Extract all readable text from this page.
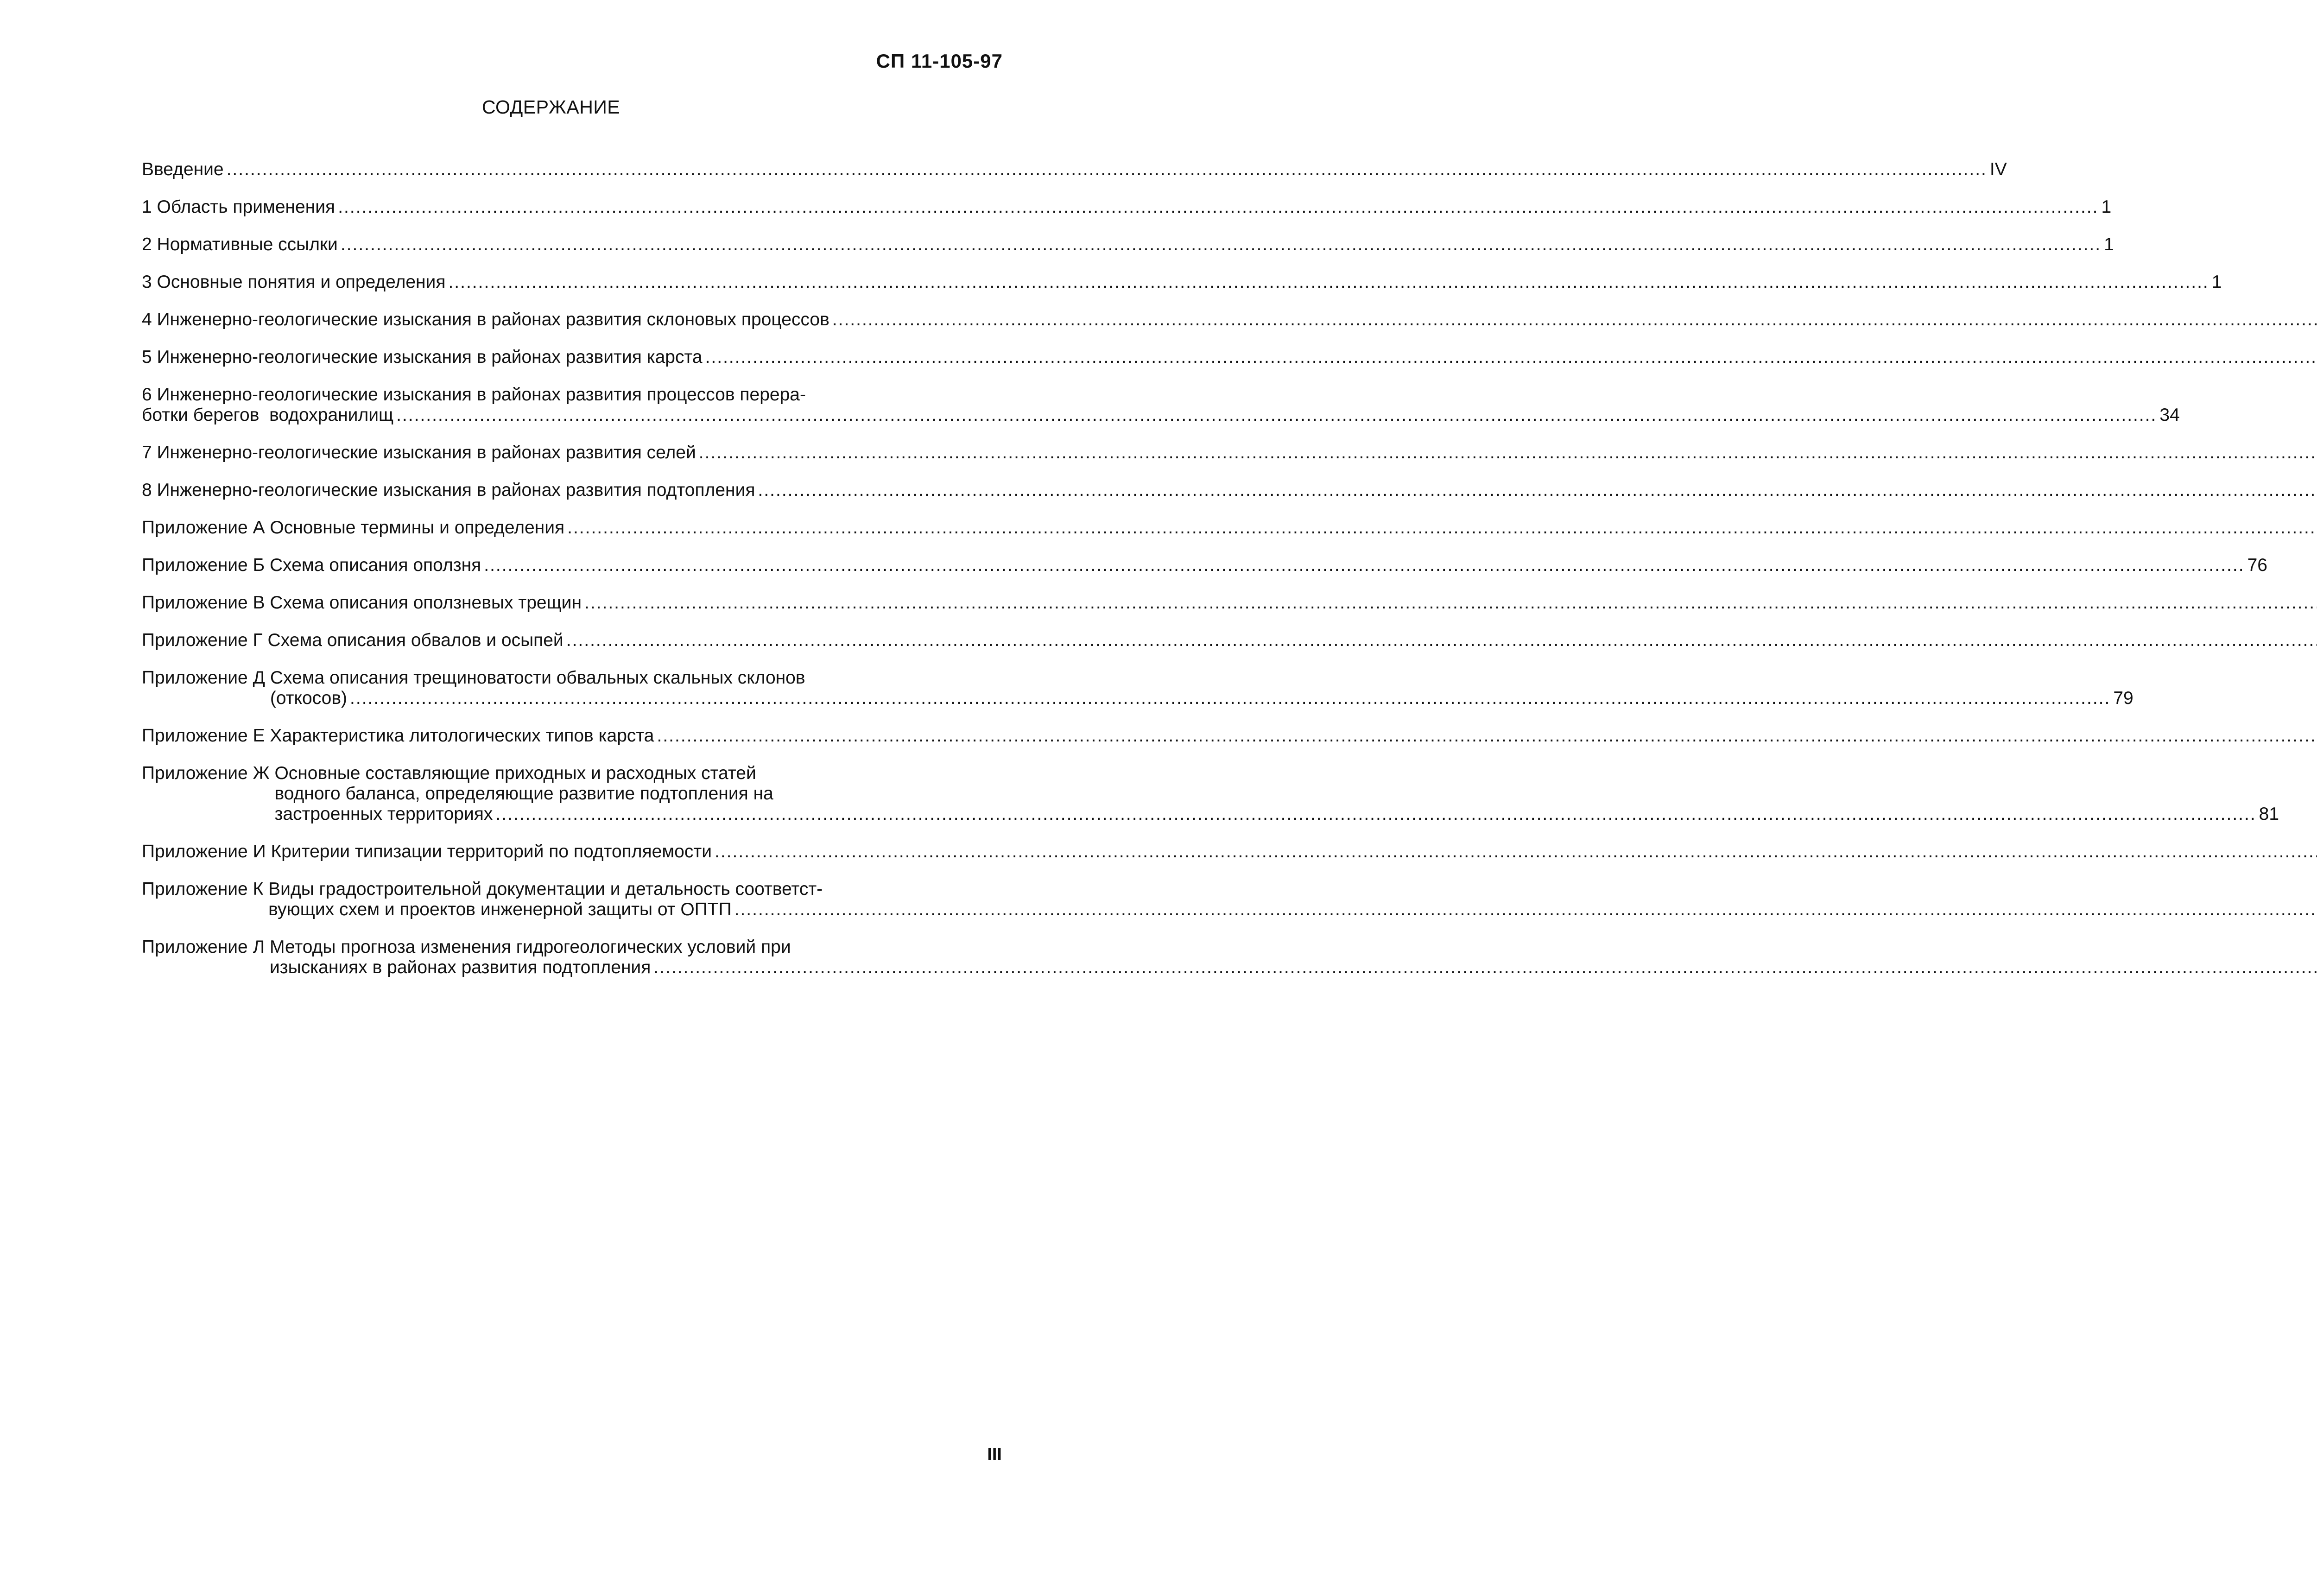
СП 11-105-97
СОДЕРЖАНИЕ
Введение .....	IV
1 Область применения .....	1
2 Нормативные ссылки .....	1
3 Основные понятия и определения .....	1
4 Инженерно-геологические изыскания в районах развития склоновых процессов
.....
5 Инженерно-геологические изыскания в районах развития карста
.....
6 Инженерно-геологические изыскания в районах развития процессов перера-
ботки берегов  водохранилищ .....	34
7 Инженерно-геологические изыскания в районах развития селей
.....
8 Инженерно-геологические изыскания в районах развития подтопления
.....
Приложение А Основные термины и определения
.....
Приложение Б Схема описания оползня .....	76
Приложение В Схема описания оползневых трещин
.....
Приложение Г Схема описания обвалов и осыпей
.....
Приложение Д Схема описания трещиноватости обвальных скальных склонов
(откосов) .....	79
Приложение Е Характеристика литологических типов карста
.....
Приложение Ж Основные составляющие приходных и расходных статей
водного баланса, определяющие развитие подтопления на
застроенных территориях .....	81
Приложение И Критерии типизации территорий по подтопляемости
.....
Приложение К Виды градостроительной документации и детальность соответст-
вующих схем и проектов инженерной защиты от ОПТП
.....
Приложение Л Методы прогноза изменения гидрогеологических условий при
изысканиях в районах развития подтопления
.....
III
